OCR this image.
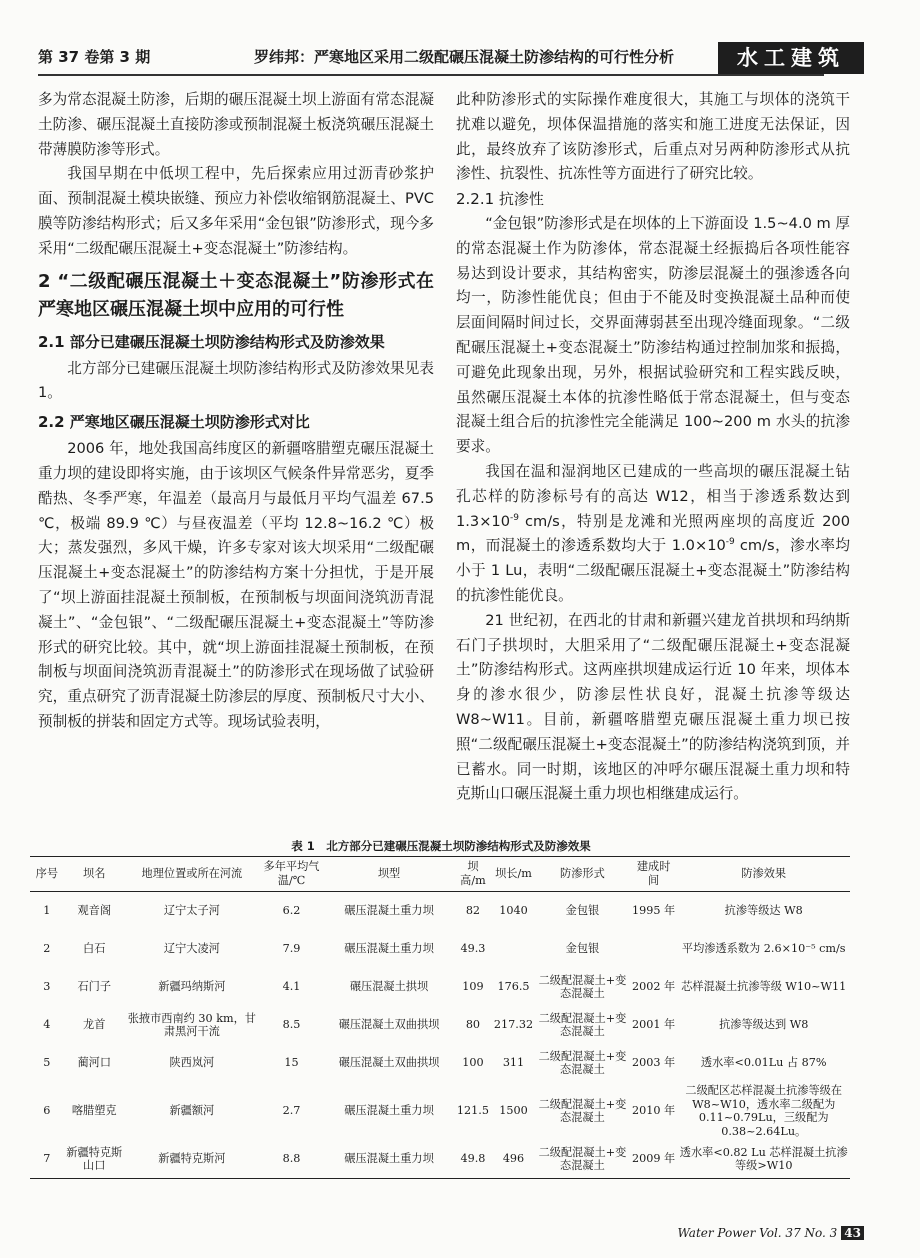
第 37 卷第 3 期	罗纬邦：严寒地区采用二级配碾压混凝土防渗结构的可行性分析	水工建筑

多为常态混凝土防渗，后期的碾压混凝土坝上游面有常态混凝土防渗、碾压混凝土直接防渗或预制混凝土板浇筑碾压混凝土带薄膜防渗等形式。

我国早期在中低坝工程中，先后探索应用过沥青砂浆护面、预制混凝土模块嵌缝、预应力补偿收缩钢筋混凝土、PVC 膜等防渗结构形式；后又多年采用“金包银”防渗形式，现今多采用“二级配碾压混凝土+变态混凝土”防渗结构。

2 “二级配碾压混凝土＋变态混凝土”防渗形式在严寒地区碾压混凝土坝中应用的可行性

2.1 部分已建碾压混凝土坝防渗结构形式及防渗效果

北方部分已建碾压混凝土坝防渗结构形式及防渗效果见表 1。

2.2 严寒地区碾压混凝土坝防渗形式对比

2006 年，地处我国高纬度区的新疆喀腊塑克碾压混凝土重力坝的建设即将实施，由于该坝区气候条件异常恶劣，夏季酷热、冬季严寒，年温差（最高月与最低月平均气温差 67.5 ℃，极端 89.9 ℃）与昼夜温差（平均 12.8~16.2 ℃）极大；蒸发强烈，多风干燥，许多专家对该大坝采用“二级配碾压混凝土+变态混凝土”的防渗结构方案十分担忧，于是开展了“坝上游面挂混凝土预制板，在预制板与坝面间浇筑沥青混凝土”、“金包银”、“二级配碾压混凝土+变态混凝土”等防渗形式的研究比较。其中，就“坝上游面挂混凝土预制板，在预制板与坝面间浇筑沥青混凝土”的防渗形式在现场做了试验研究，重点研究了沥青混凝土防渗层的厚度、预制板尺寸大小、预制板的拼装和固定方式等。现场试验表明，

此种防渗形式的实际操作难度很大，其施工与坝体的浇筑干扰难以避免，坝体保温措施的落实和施工进度无法保证，因此，最终放弃了该防渗形式，后重点对另两种防渗形式从抗渗性、抗裂性、抗冻性等方面进行了研究比较。

2.2.1 抗渗性

“金包银”防渗形式是在坝体的上下游面设 1.5~4.0 m 厚的常态混凝土作为防渗体，常态混凝土经振捣后各项性能容易达到设计要求，其结构密实，防渗层混凝土的强渗透各向均一，防渗性能优良；但由于不能及时变换混凝土品种而使层面间隔时间过长，交界面薄弱甚至出现冷缝面现象。“二级配碾压混凝土+变态混凝土”防渗结构通过控制加浆和振捣，可避免此现象出现，另外，根据试验研究和工程实践反映，虽然碾压混凝土本体的抗渗性略低于常态混凝土，但与变态混凝土组合后的抗渗性完全能满足 100~200 m 水头的抗渗要求。

我国在温和湿润地区已建成的一些高坝的碾压混凝土钻孔芯样的防渗标号有的高达 W12，相当于渗透系数达到 $1.3\times 10^{-9}$ cm/s，特别是龙滩和光照两座坝的高度近 200 m，而混凝土的渗透系数均大于 $1.0\times 10^{-9}$ cm/s，渗水率均小于 1 Lu，表明“二级配碾压混凝土+变态混凝土”防渗结构的抗渗性能优良。

21 世纪初，在西北的甘肃和新疆兴建龙首拱坝和玛纳斯石门子拱坝时，大胆采用了“二级配碾压混凝土+变态混凝土”防渗结构形式。这两座拱坝建成运行近 10 年来，坝体本身的渗水很少，防渗层性状良好，混凝土抗渗等级达 W8~W11。目前，新疆喀腊塑克碾压混凝土重力坝已按照“二级配碾压混凝土+变态混凝土”的防渗结构浇筑到顶，并已蓄水。同一时期，该地区的冲呼尔碾压混凝土重力坝和特克斯山口碾压混凝土重力坝也相继建成运行。

表 1　北方部分已建碾压混凝土坝防渗结构形式及防渗效果
序号	坝名	地理位置或所在河流	多年平均气温/℃	坝型	坝高/m	坝长/m	防渗形式	建成时间	防渗效果
1	观音阁	辽宁太子河	6.2	碾压混凝土重力坝	82	1040	金包银	1995 年	抗渗等级达 W8
2	白石	辽宁大凌河	7.9	碾压混凝土重力坝	49.3		金包银		平均渗透系数为 2.6×10⁻⁵ cm/s
3	石门子	新疆玛纳斯河	4.1	碾压混凝土拱坝	109	176.5	二级配混凝土+变态混凝土	2002 年	芯样混凝土抗渗等级 W10~W11
4	龙首	张掖市西南约 30 km，甘肃黑河干流	8.5	碾压混凝土双曲拱坝	80	217.32	二级配混凝土+变态混凝土	2001 年	抗渗等级达到 W8
5	蔺河口	陕西岚河	15	碾压混凝土双曲拱坝	100	311	二级配混凝土+变态混凝土	2003 年	透水率<0.01Lu 占 87%
6	喀腊塑克	新疆额河	2.7	碾压混凝土重力坝	121.5	1500	二级配混凝土+变态混凝土	2010 年	二级配区芯样混凝土抗渗等级在 W8~W10，透水率二级配为 0.11~0.79Lu，三级配为 0.38~2.64Lu。
7	新疆特克斯山口	新疆特克斯河	8.8	碾压混凝土重力坝	49.8	496	二级配混凝土+变态混凝土	2009 年	透水率<0.82 Lu 芯样混凝土抗渗等级>W10
Water Power Vol. 37 No. 3 43
